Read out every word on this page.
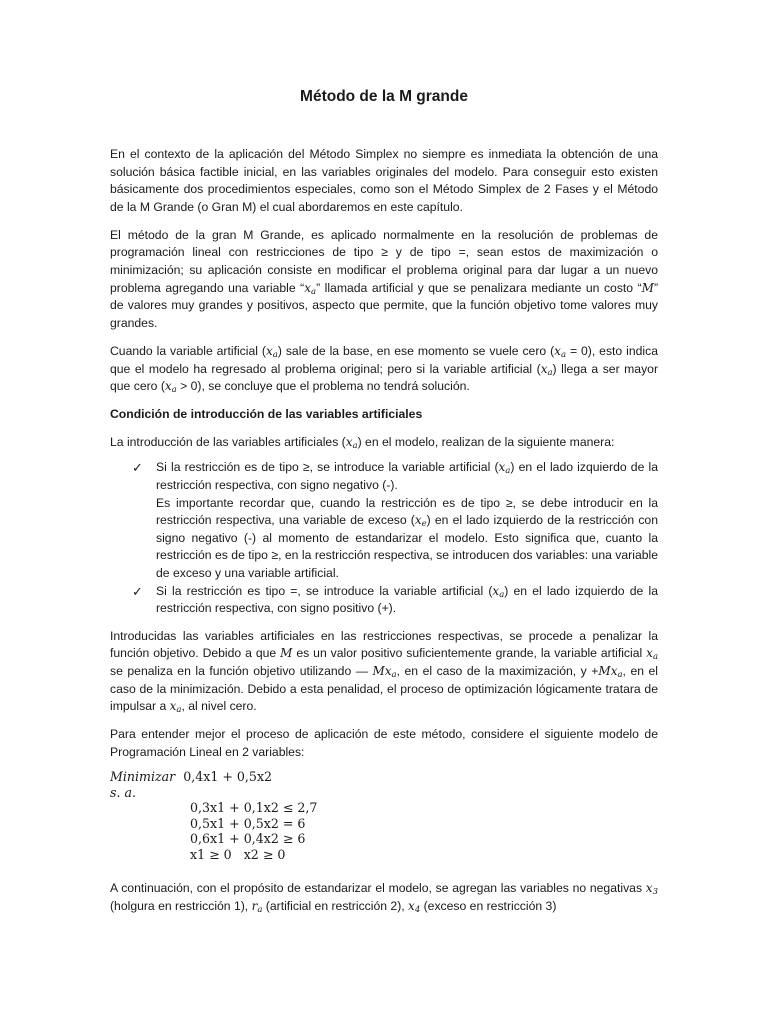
Método de la M grande

En el contexto de la aplicación del Método Simplex no siempre es inmediata la obtención de una solución básica factible inicial, en las variables originales del modelo. Para conseguir esto existen básicamente dos procedimientos especiales, como son el Método Simplex de 2 Fases y el Método de la M Grande (o Gran M) el cual abordaremos en este capítulo.

El método de la gran M Grande, es aplicado normalmente en la resolución de problemas de programación lineal con restricciones de tipo ≥ y de tipo =, sean estos de maximización o minimización; su aplicación consiste en modificar el problema original para dar lugar a un nuevo problema agregando una variable “$x_a$” llamada artificial y que se penalizara mediante un costo “M” de valores muy grandes y positivos, aspecto que permite, que la función objetivo tome valores muy grandes.

Cuando la variable artificial $(x_a)$ sale de la base, en ese momento se vuele cero $(x_a = 0)$, esto indica que el modelo ha regresado al problema original; pero si la variable artificial $(x_a)$ llega a ser mayor que cero $(x_a > 0)$, se concluye que el problema no tendrá solución.

Condición de introducción de las variables artificiales

La introducción de las variables artificiales $(x_a)$ en el modelo, realizan de la siguiente manera:

✓ Si la restricción es de tipo ≥, se introduce la variable artificial $(x_a)$ en el lado izquierdo de la restricción respectiva, con signo negativo (-).
Es importante recordar que, cuando la restricción es de tipo ≥, se debe introducir en la restricción respectiva, una variable de exceso $(x_e)$ en el lado izquierdo de la restricción con signo negativo (-) al momento de estandarizar el modelo. Esto significa que, cuanto la restricción es de tipo ≥, en la restricción respectiva, se introducen dos variables: una variable de exceso y una variable artificial.
✓ Si la restricción es tipo =, se introduce la variable artificial $(x_a)$ en el lado izquierdo de la restricción respectiva, con signo positivo (+).

Introducidas las variables artificiales en las restricciones respectivas, se procede a penalizar la función objetivo. Debido a que M es un valor positivo suficientemente grande, la variable artificial $x_a$ se penaliza en la función objetivo utilizando — $Mx_a$, en el caso de la maximización, $y +Mx_a$, en el caso de la minimización. Debido a esta penalidad, el proceso de optimización lógicamente tratara de impulsar a $x_a$, al nivel cero.

Para entender mejor el proceso de aplicación de este método, considere el siguiente modelo de Programación Lineal en 2 variables:

Minimizar 0,4x1 + 0,5x2
s. a.
0,3x1 + 0,1x2 ≤ 2,7
0,5x1 + 0,5x2 = 6
0,6x1 + 0,4x2 ≥ 6
x1 ≥ 0   x2 ≥ 0

A continuación, con el propósito de estandarizar el modelo, se agregan las variables no negativas $x_3$ (holgura en restricción 1), $r_a$ (artificial en restricción 2), $x_4$ (exceso en restricción 3)
